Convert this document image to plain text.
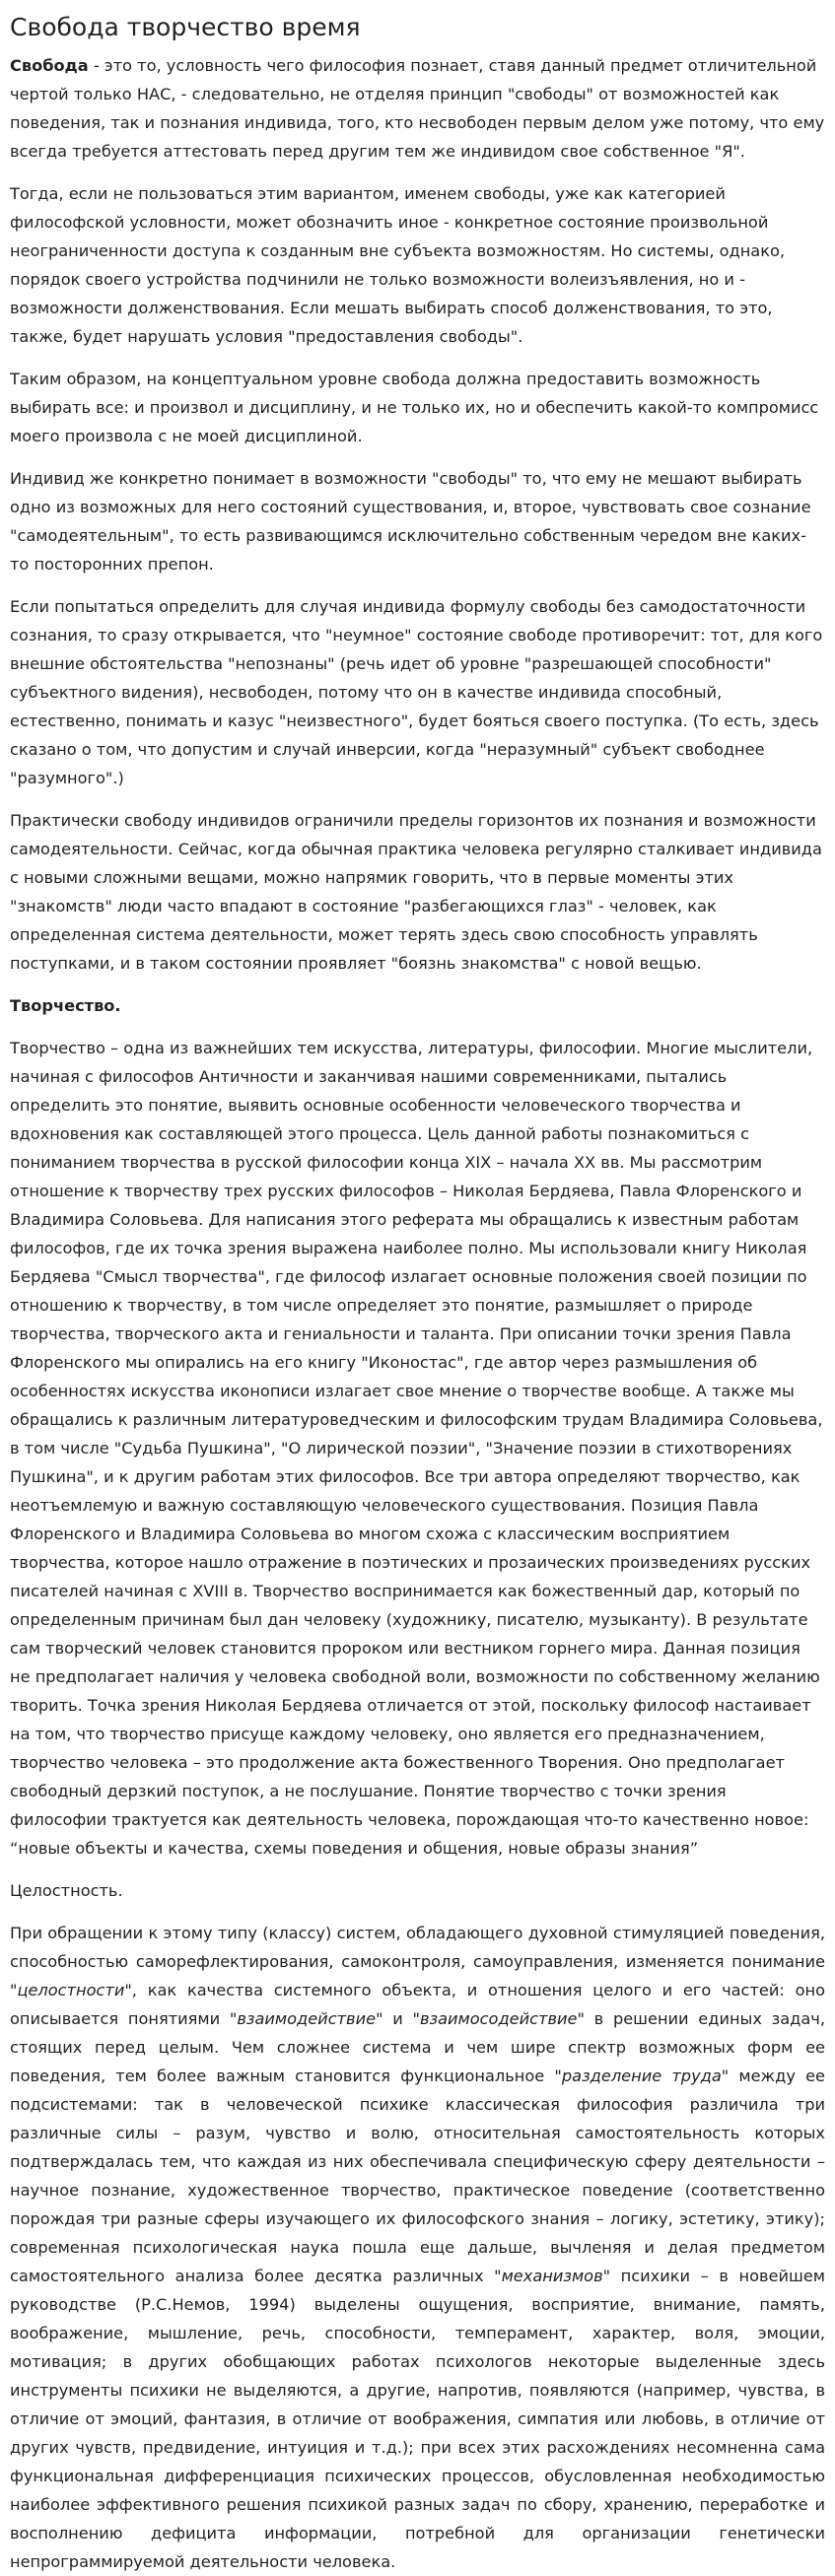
Свобода творчество время

Свобода - это то, условность чего философия познает, ставя данный предмет отличительной чертой только НАС, - следовательно, не отделяя принцип "свободы" от возможностей как поведения, так и познания индивида, того, кто несвободен первым делом уже потому, что ему всегда требуется аттестовать перед другим тем же индивидом свое собственное "Я".

Тогда, если не пользоваться этим вариантом, именем свободы, уже как категорией философской условности, может обозначить иное - конкретное состояние произвольной неограниченности доступа к созданным вне субъекта возможностям. Но системы, однако, порядок своего устройства подчинили не только возможности волеизъявления, но и - возможности долженствования. Если мешать выбирать способ долженствования, то это, также, будет нарушать условия "предоставления свободы".

Таким образом, на концептуальном уровне свобода должна предоставить возможность выбирать все: и произвол и дисциплину, и не только их, но и обеспечить какой-то компромисс моего произвола с не моей дисциплиной.

Индивид же конкретно понимает в возможности "свободы" то, что ему не мешают выбирать одно из возможных для него состояний существования, и, второе, чувствовать свое сознание "самодеятельным", то есть развивающимся исключительно собственным чередом вне каких-то посторонних препон.

Если попытаться определить для случая индивида формулу свободы без самодостаточности сознания, то сразу открывается, что "неумное" состояние свободе противоречит: тот, для кого внешние обстоятельства "непознаны" (речь идет об уровне "разрешающей способности" субъектного видения), несвободен, потому что он в качестве индивида способный, естественно, понимать и казус "неизвестного", будет бояться своего поступка. (То есть, здесь сказано о том, что допустим и случай инверсии, когда "неразумный" субъект свободнее "разумного".)

Практически свободу индивидов ограничили пределы горизонтов их познания и возможности самодеятельности. Сейчас, когда обычная практика человека регулярно сталкивает индивида с новыми сложными вещами, можно напрямик говорить, что в первые моменты этих "знакомств" люди часто впадают в состояние "разбегающихся глаз" - человек, как определенная система деятельности, может терять здесь свою способность управлять поступками, и в таком состоянии проявляет "боязнь знакомства" с новой вещью.

Творчество.

Творчество – одна из важнейших тем искусства, литературы, философии. Многие мыслители, начиная с философов Античности и заканчивая нашими современниками, пытались определить это понятие, выявить основные особенности человеческого творчества и вдохновения как составляющей этого процесса. Цель данной работы познакомиться с пониманием творчества в русской философии конца XIX – начала XX вв. Мы рассмотрим отношение к творчеству трех русских философов – Николая Бердяева, Павла Флоренского и Владимира Соловьева. Для написания этого реферата мы обращались к известным работам философов, где их точка зрения выражена наиболее полно. Мы использовали книгу Николая Бердяева "Смысл творчества", где философ излагает основные положения своей позиции по отношению к творчеству, в том числе определяет это понятие, размышляет о природе творчества, творческого акта и гениальности и таланта. При описании точки зрения Павла Флоренского мы опирались на его книгу "Иконостас", где автор через размышления об особенностях искусства иконописи излагает свое мнение о творчестве вообще. А также мы обращались к различным литературоведческим и философским трудам Владимира Соловьева, в том числе "Судьба Пушкина", "О лирической поэзии", "Значение поэзии в стихотворениях Пушкина", и к другим работам этих философов. Все три автора определяют творчество, как неотъемлемую и важную составляющую человеческого существования. Позиция Павла Флоренского и Владимира Соловьева во многом схожа с классическим восприятием творчества, которое нашло отражение в поэтических и прозаических произведениях русских писателей начиная с XVIII в. Творчество воспринимается как божественный дар, который по определенным причинам был дан человеку (художнику, писателю, музыканту). В результате сам творческий человек становится пророком или вестником горнего мира. Данная позиция не предполагает наличия у человека свободной воли, возможности по собственному желанию творить. Точка зрения Николая Бердяева отличается от этой, поскольку философ настаивает на том, что творчество присуще каждому человеку, оно является его предназначением, творчество человека – это продолжение акта божественного Творения. Оно предполагает свободный дерзкий поступок, а не послушание. Понятие творчество с точки зрения философии трактуется как деятельность человека, порождающая что-то качественно новое: “новые объекты и качества, схемы поведения и общения, новые образы знания”

Целостность.

При обращении к этому типу (классу) систем, обладающего духовной стимуляцией поведения, способностью саморефлектирования, самоконтроля, самоуправления, изменяется понимание "целостности", как качества системного объекта, и отношения целого и его частей: оно описывается понятиями "взаимодействие" и "взаимосодействие" в решении единых задач, стоящих перед целым. Чем сложнее система и чем шире спектр возможных форм ее поведения, тем более важным становится функциональное "разделение труда" между ее подсистемами: так в человеческой психике классическая философия различила три различные силы – разум, чувство и волю, относительная самостоятельность которых подтверждалась тем, что каждая из них обеспечивала специфическую сферу деятельности – научное познание, художественное творчество, практическое поведение (соответственно порождая три разные сферы изучающего их философского знания – логику, эстетику, этику); современная психологическая наука пошла еще дальше, вычленяя и делая предметом самостоятельного анализа более десятка различных "механизмов" психики – в новейшем руководстве (Р.С.Немов, 1994) выделены ощущения, восприятие, внимание, память, воображение, мышление, речь, способности, темперамент, характер, воля, эмоции, мотивация; в других обобщающих работах психологов некоторые выделенные здесь инструменты психики не выделяются, а другие, напротив, появляются (например, чувства, в отличие от эмоций, фантазия, в отличие от воображения, симпатия или любовь, в отличие от других чувств, предвидение, интуиция и т.д.); при всех этих расхождениях несомненна сама функциональная дифференциация психических процессов, обусловленная необходимостью наиболее эффективного решения психикой разных задач по сбору, хранению, переработке и восполнению дефицита информации, потребной для организации генетически непрограммируемой деятельности человека.
